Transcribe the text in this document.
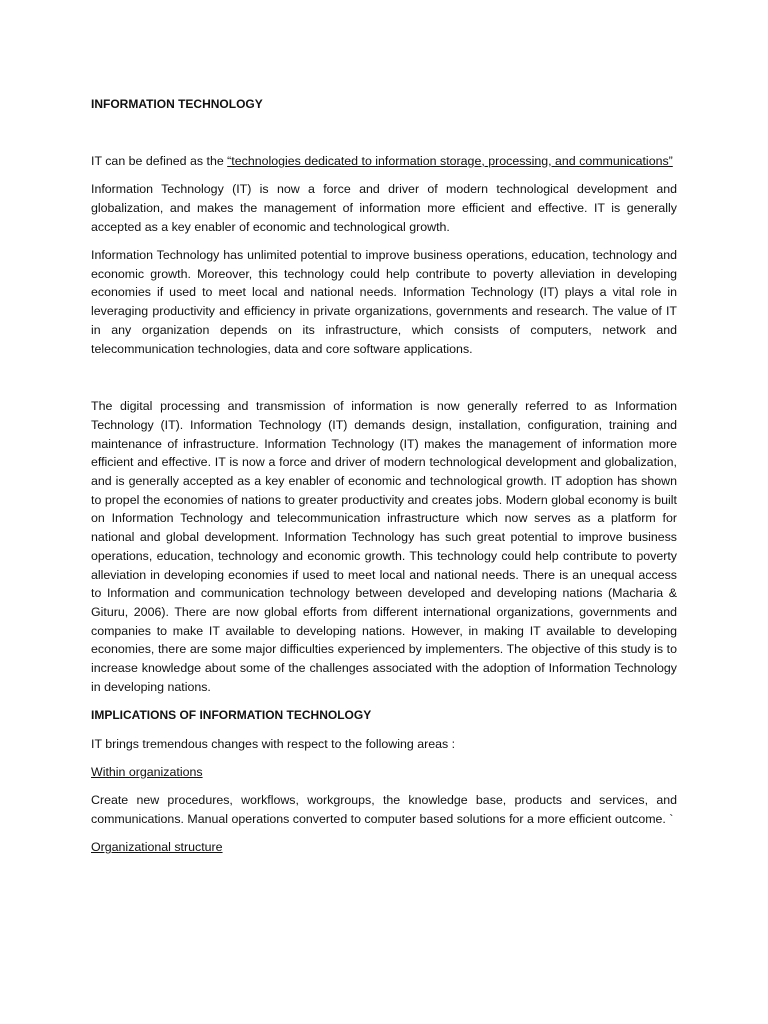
INFORMATION TECHNOLOGY

IT can be defined as the “technologies dedicated to information storage, processing, and communications”

Information Technology (IT) is now a force and driver of modern technological development and globalization, and makes the management of information more efficient and effective. IT is generally accepted as a key enabler of economic and technological growth.

Information Technology has unlimited potential to improve business operations, education, technology and economic growth. Moreover, this technology could help contribute to poverty alleviation in developing economies if used to meet local and national needs. Information Technology (IT) plays a vital role in leveraging productivity and efficiency in private organizations, governments and research. The value of IT in any organization depends on its infrastructure, which consists of computers, network and telecommunication technologies, data and core software applications.

The digital processing and transmission of information is now generally referred to as Information Technology (IT). Information Technology (IT) demands design, installation, configuration, training and maintenance of infrastructure. Information Technology (IT) makes the management of information more efficient and effective. IT is now a force and driver of modern technological development and globalization, and is generally accepted as a key enabler of economic and technological growth. IT adoption has shown to propel the economies of nations to greater productivity and creates jobs. Modern global economy is built on Information Technology and telecommunication infrastructure which now serves as a platform for national and global development. Information Technology has such great potential to improve business operations, education, technology and economic growth. This technology could help contribute to poverty alleviation in developing economies if used to meet local and national needs. There is an unequal access to Information and communication technology between developed and developing nations (Macharia & Gituru, 2006). There are now global efforts from different international organizations, governments and companies to make IT available to developing nations. However, in making IT available to developing economies, there are some major difficulties experienced by implementers. The objective of this study is to increase knowledge about some of the challenges associated with the adoption of Information Technology in developing nations.

IMPLICATIONS OF INFORMATION TECHNOLOGY

IT brings tremendous changes with respect to the following areas :

Within organizations

Create new procedures, workflows, workgroups, the knowledge base, products and services, and communications. Manual operations converted to computer based solutions for a more efficient outcome. `

Organizational structure
